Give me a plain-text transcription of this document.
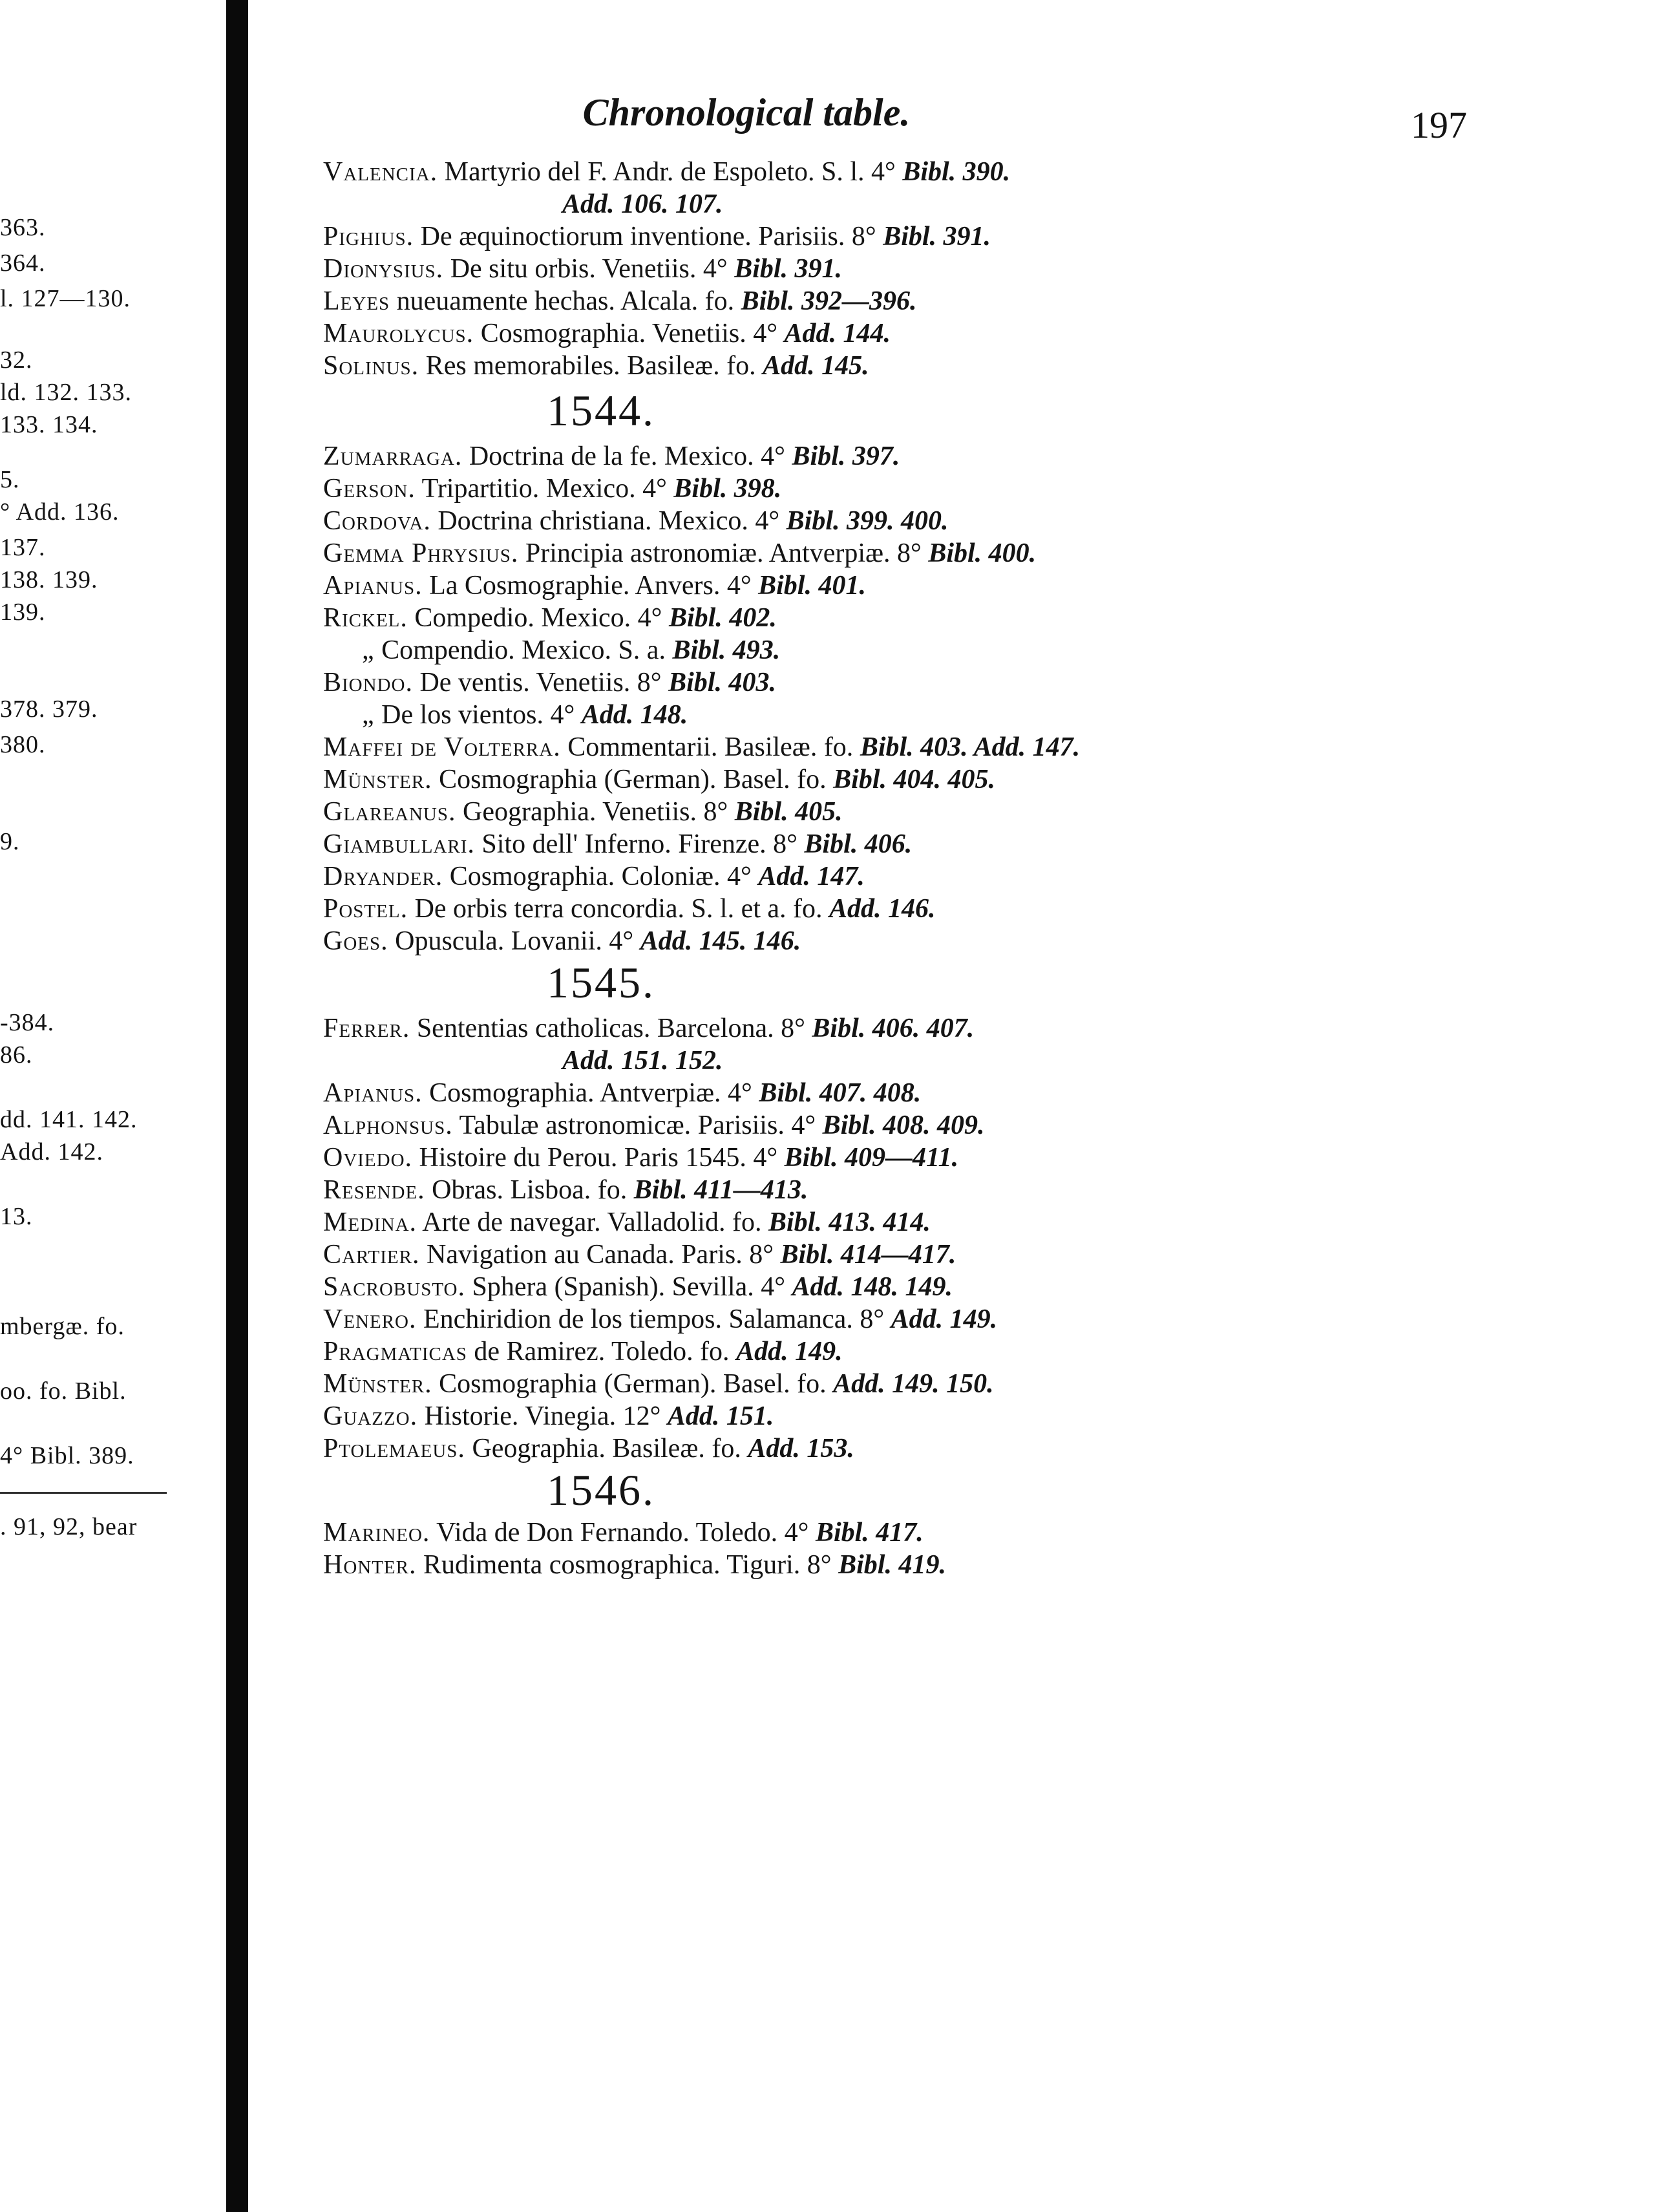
363.
364.
l. 127—130.
32.
ld. 132. 133.
133. 134.
5.
° Add. 136.
137.
138. 139.
139.
378. 379.
380.
9.
-384.
86.
dd. 141. 142.
Add. 142.
13.
mbergæ. fo.
oo. fo. Bibl.
4° Bibl. 389.
. 91, 92, bear
Chronological table.	197
Valencia. Martyrio del F. Andr. de Espoleto. S. l. 4° Bibl. 390.
Add. 106. 107.
Pighius. De æquinoctiorum inventione. Parisiis. 8° Bibl. 391.
Dionysius. De situ orbis. Venetiis. 4° Bibl. 391.
Leyes nueuamente hechas. Alcala. fo. Bibl. 392—396.
Maurolycus. Cosmographia. Venetiis. 4° Add. 144.
Solinus. Res memorabiles. Basileæ. fo. Add. 145.
1544.
Zumarraga. Doctrina de la fe. Mexico. 4° Bibl. 397.
Gerson. Tripartitio. Mexico. 4° Bibl. 398.
Cordova. Doctrina christiana. Mexico. 4° Bibl. 399. 400.
Gemma Phrysius. Principia astronomiæ. Antverpiæ. 8° Bibl. 400.
Apianus. La Cosmographie. Anvers. 4° Bibl. 401.
Rickel. Compedio. Mexico. 4° Bibl. 402.
„ Compendio. Mexico. S. a. Bibl. 493.
Biondo. De ventis. Venetiis. 8° Bibl. 403.
„ De los vientos. 4° Add. 148.
Maffei de Volterra. Commentarii. Basileæ. fo. Bibl. 403. Add. 147.
Münster. Cosmographia (German). Basel. fo. Bibl. 404. 405.
Glareanus. Geographia. Venetiis. 8° Bibl. 405.
Giambullari. Sito dell' Inferno. Firenze. 8° Bibl. 406.
Dryander. Cosmographia. Coloniæ. 4° Add. 147.
Postel. De orbis terra concordia. S. l. et a. fo. Add. 146.
Goes. Opuscula. Lovanii. 4° Add. 145. 146.
1545.
Ferrer. Sententias catholicas. Barcelona. 8° Bibl. 406. 407.
Add. 151. 152.
Apianus. Cosmographia. Antverpiæ. 4° Bibl. 407. 408.
Alphonsus. Tabulæ astronomicæ. Parisiis. 4° Bibl. 408. 409.
Oviedo. Histoire du Perou. Paris 1545. 4° Bibl. 409—411.
Resende. Obras. Lisboa. fo. Bibl. 411—413.
Medina. Arte de navegar. Valladolid. fo. Bibl. 413. 414.
Cartier. Navigation au Canada. Paris. 8° Bibl. 414—417.
Sacrobusto. Sphera (Spanish). Sevilla. 4° Add. 148. 149.
Venero. Enchiridion de los tiempos. Salamanca. 8° Add. 149.
Pragmaticas de Ramirez. Toledo. fo. Add. 149.
Münster. Cosmographia (German). Basel. fo. Add. 149. 150.
Guazzo. Historie. Vinegia. 12° Add. 151.
Ptolemaeus. Geographia. Basileæ. fo. Add. 153.
1546.
Marineo. Vida de Don Fernando. Toledo. 4° Bibl. 417.
Honter. Rudimenta cosmographica. Tiguri. 8° Bibl. 419.
